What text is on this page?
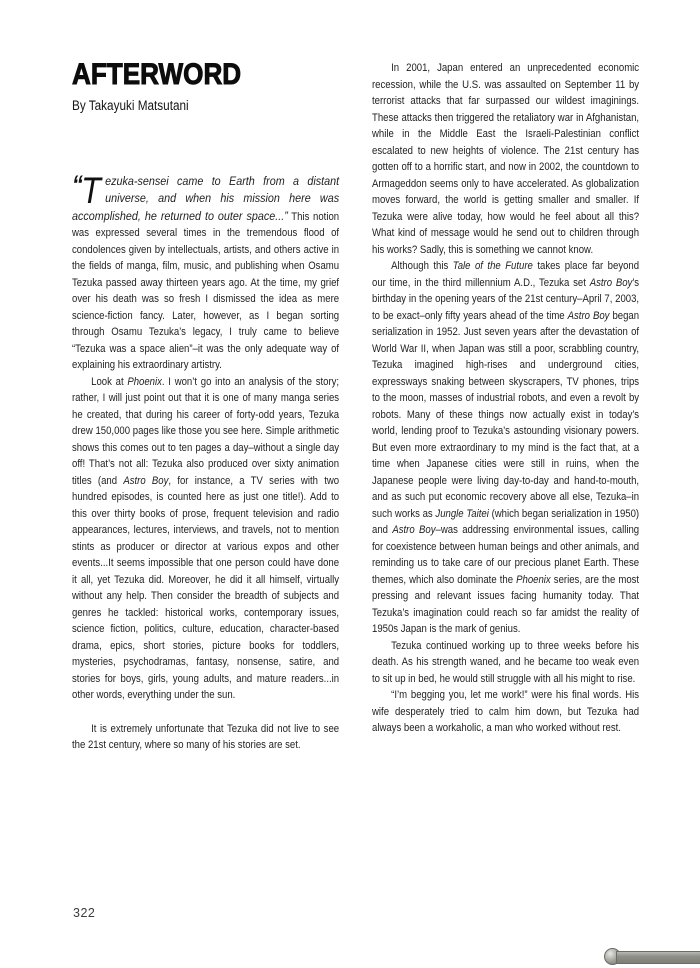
AFTERWORD
By Takayuki Matsutani

“T ezuka-sensei came to Earth from a distant universe, and when his mission here was accomplished, he returned to outer space...” This notion was expressed several times in the tremendous flood of condolences given by intellectuals, artists, and others active in the fields of manga, film, music, and publishing when Osamu Tezuka passed away thirteen years ago. At the time, my grief over his death was so fresh I dismissed the idea as mere science-fiction fancy. Later, however, as I began sorting through Osamu Tezuka’s legacy, I truly came to believe “Tezuka was a space alien”–it was the only adequate way of explaining his extraordinary artistry.

Look at Phoenix. I won’t go into an analysis of the story; rather, I will just point out that it is one of many manga series he created, that during his career of forty-odd years, Tezuka drew 150,000 pages like those you see here. Simple arithmetic shows this comes out to ten pages a day–without a single day off! That’s not all: Tezuka also produced over sixty animation titles (and Astro Boy, for instance, a TV series with two hundred episodes, is counted here as just one title!). Add to this over thirty books of prose, frequent television and radio appearances, lectures, interviews, and travels, not to mention stints as producer or director at various expos and other events...It seems impossible that one person could have done it all, yet Tezuka did. Moreover, he did it all himself, virtually without any help. Then consider the breadth of subjects and genres he tackled: historical works, contemporary issues, science fiction, politics, culture, education, character-based drama, epics, short stories, picture books for toddlers, mysteries, psychodramas, fantasy, nonsense, satire, and stories for boys, girls, young adults, and mature readers...in other words, everything under the sun.

It is extremely unfortunate that Tezuka did not live to see the 21st century, where so many of his stories are set.

In 2001, Japan entered an unprecedented economic recession, while the U.S. was assaulted on September 11 by terrorist attacks that far surpassed our wildest imaginings. These attacks then triggered the retaliatory war in Afghanistan, while in the Middle East the Israeli-Palestinian conflict escalated to new heights of violence. The 21st century has gotten off to a horrific start, and now in 2002, the countdown to Armageddon seems only to have accelerated. As globalization moves forward, the world is getting smaller and smaller. If Tezuka were alive today, how would he feel about all this? What kind of message would he send out to children through his works? Sadly, this is something we cannot know.

Although this Tale of the Future takes place far beyond our time, in the third millennium A.D., Tezuka set Astro Boy’s birthday in the opening years of the 21st century–April 7, 2003, to be exact–only fifty years ahead of the time Astro Boy began serialization in 1952. Just seven years after the devastation of World War II, when Japan was still a poor, scrabbling country, Tezuka imagined high-rises and underground cities, expressways snaking between skyscrapers, TV phones, trips to the moon, masses of industrial robots, and even a revolt by robots. Many of these things now actually exist in today’s world, lending proof to Tezuka’s astounding visionary powers. But even more extraordinary to my mind is the fact that, at a time when Japanese cities were still in ruins, when the Japanese people were living day-to-day and hand-to-mouth, and as such put economic recovery above all else, Tezuka–in such works as Jungle Taitei (which began serialization in 1950) and Astro Boy–was addressing environmental issues, calling for coexistence between human beings and other animals, and reminding us to take care of our precious planet Earth. These themes, which also dominate the Phoenix series, are the most pressing and relevant issues facing humanity today. That Tezuka’s imagination could reach so far amidst the reality of 1950s Japan is the mark of genius.

Tezuka continued working up to three weeks before his death. As his strength waned, and he became too weak even to sit up in bed, he would still struggle with all his might to rise.

“I’m begging you, let me work!” were his final words. His wife desperately tried to calm him down, but Tezuka had always been a workaholic, a man who worked without rest.

322
